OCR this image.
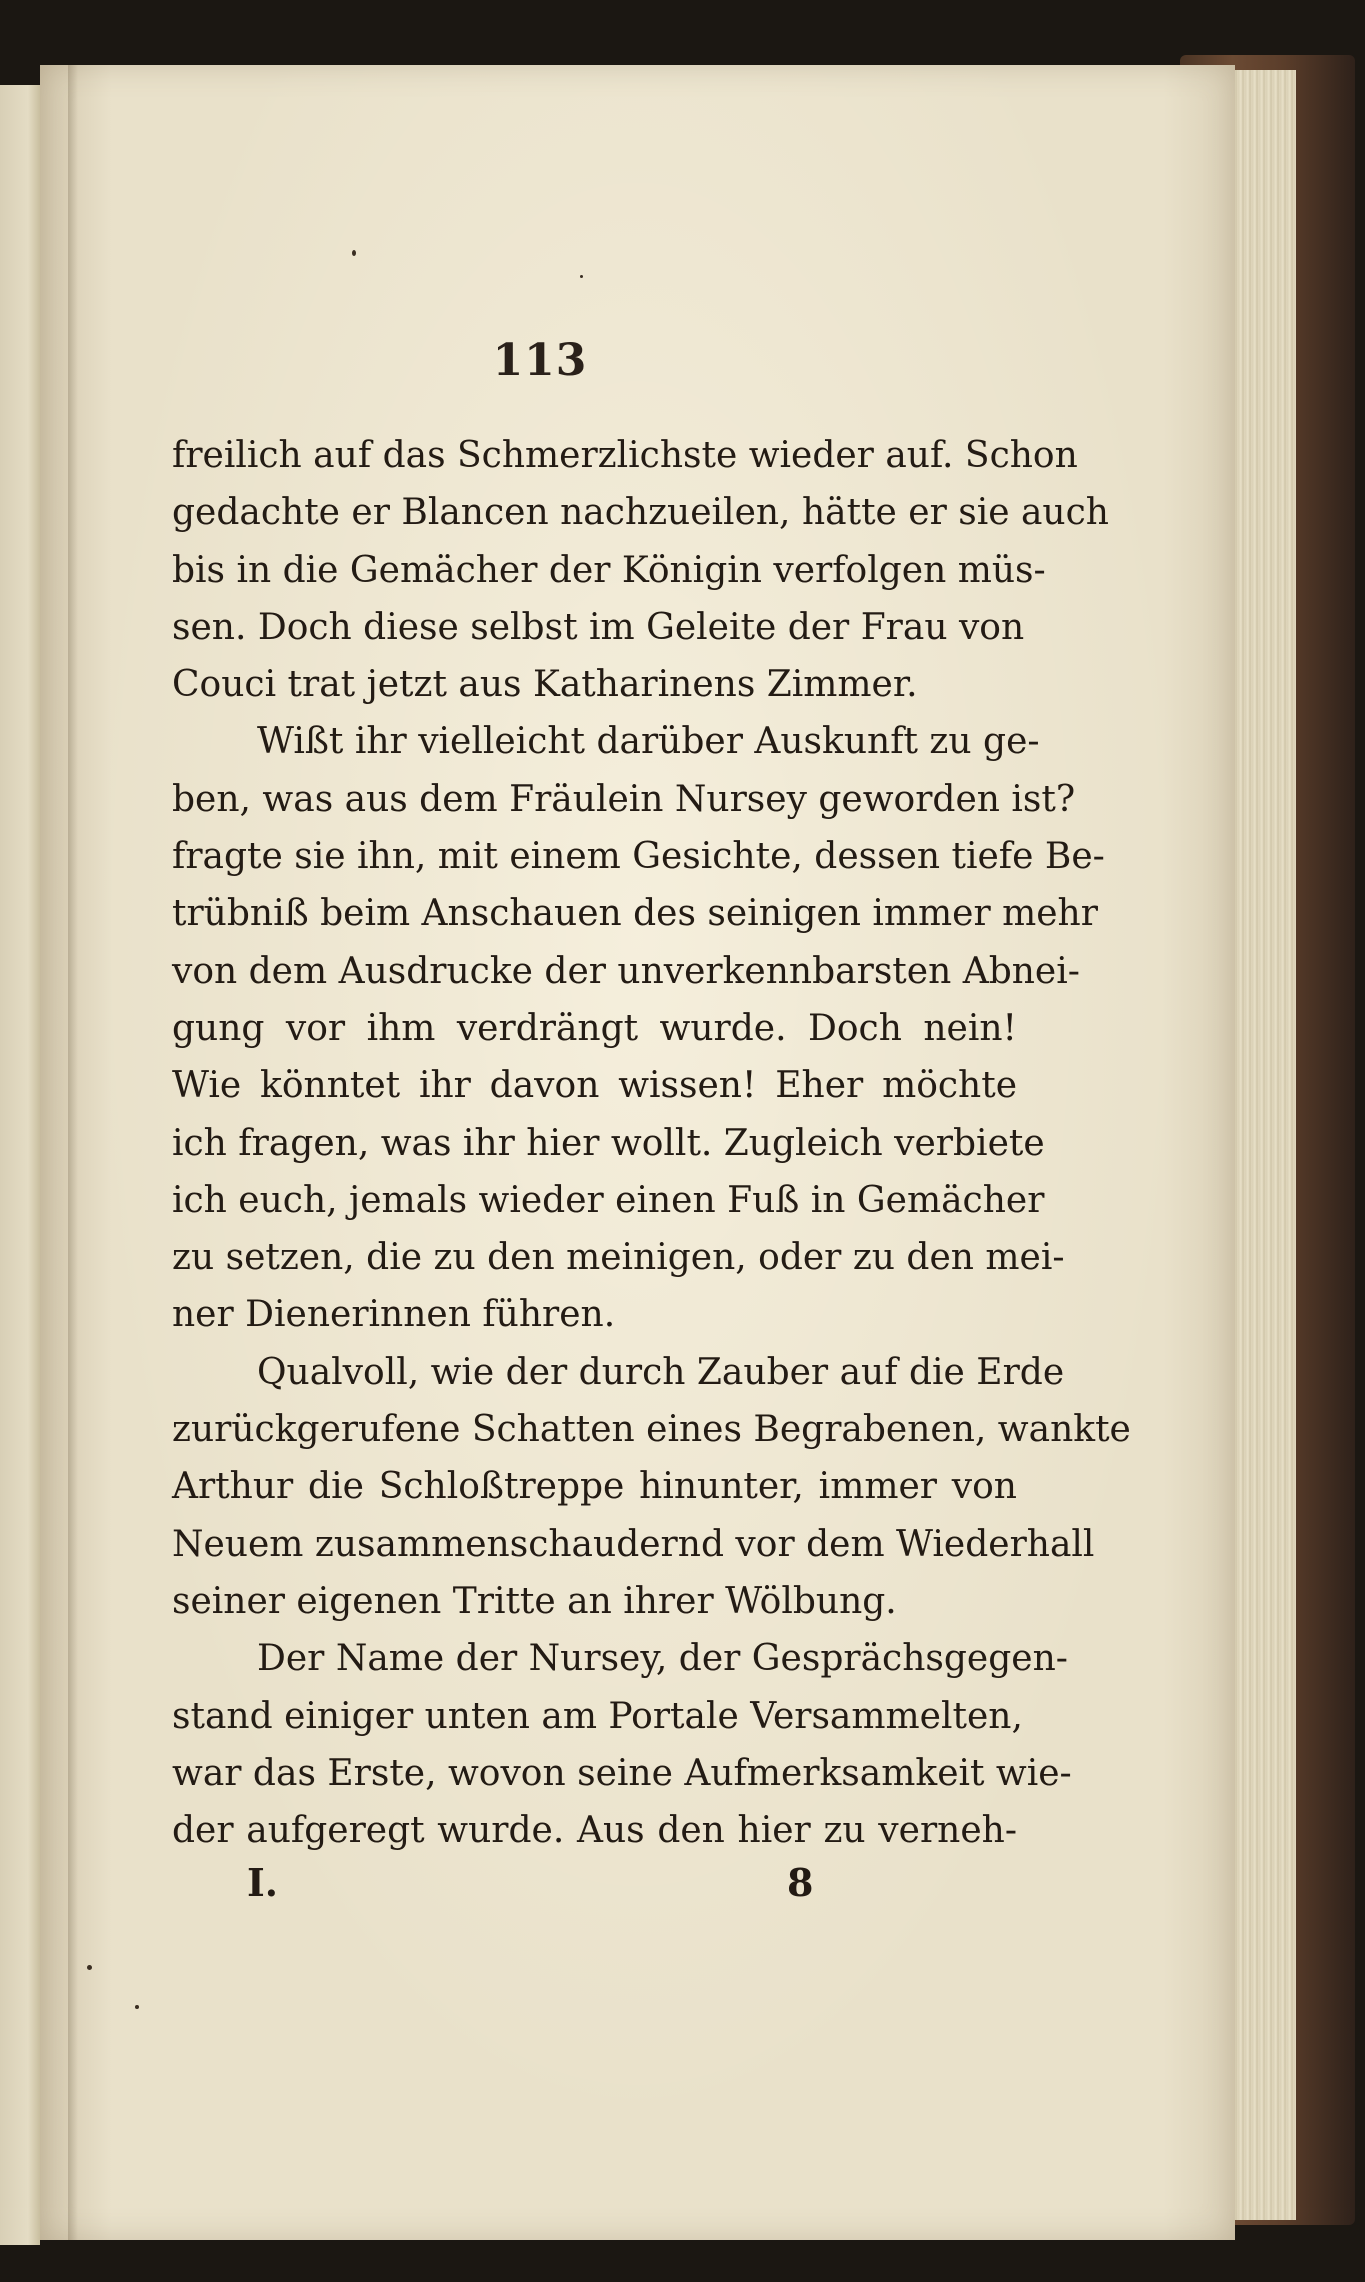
113
freilich auf das Schmerzlichste wieder auf. Schon
gedachte er Blancen nachzueilen, hätte er sie auch
bis in die Gemächer der Königin verfolgen müs-
sen. Doch diese selbst im Geleite der Frau von
Couci trat jetzt aus Katharinens Zimmer.
Wißt ihr vielleicht darüber Auskunft zu ge-
ben, was aus dem Fräulein Nursey geworden ist?
fragte sie ihn, mit einem Gesichte, dessen tiefe Be-
trübniß beim Anschauen des seinigen immer mehr
von dem Ausdrucke der unverkennbarsten Abnei-
gung vor ihm verdrängt wurde. Doch nein!
Wie könntet ihr davon wissen! Eher möchte
ich fragen, was ihr hier wollt. Zugleich verbiete
ich euch, jemals wieder einen Fuß in Gemächer
zu setzen, die zu den meinigen, oder zu den mei-
ner Dienerinnen führen.
Qualvoll, wie der durch Zauber auf die Erde
zurückgerufene Schatten eines Begrabenen, wankte
Arthur die Schloßtreppe hinunter, immer von
Neuem zusammenschaudernd vor dem Wiederhall
seiner eigenen Tritte an ihrer Wölbung.
Der Name der Nursey, der Gesprächsgegen-
stand einiger unten am Portale Versammelten,
war das Erste, wovon seine Aufmerksamkeit wie-
der aufgeregt wurde. Aus den hier zu verneh-
I.	8
